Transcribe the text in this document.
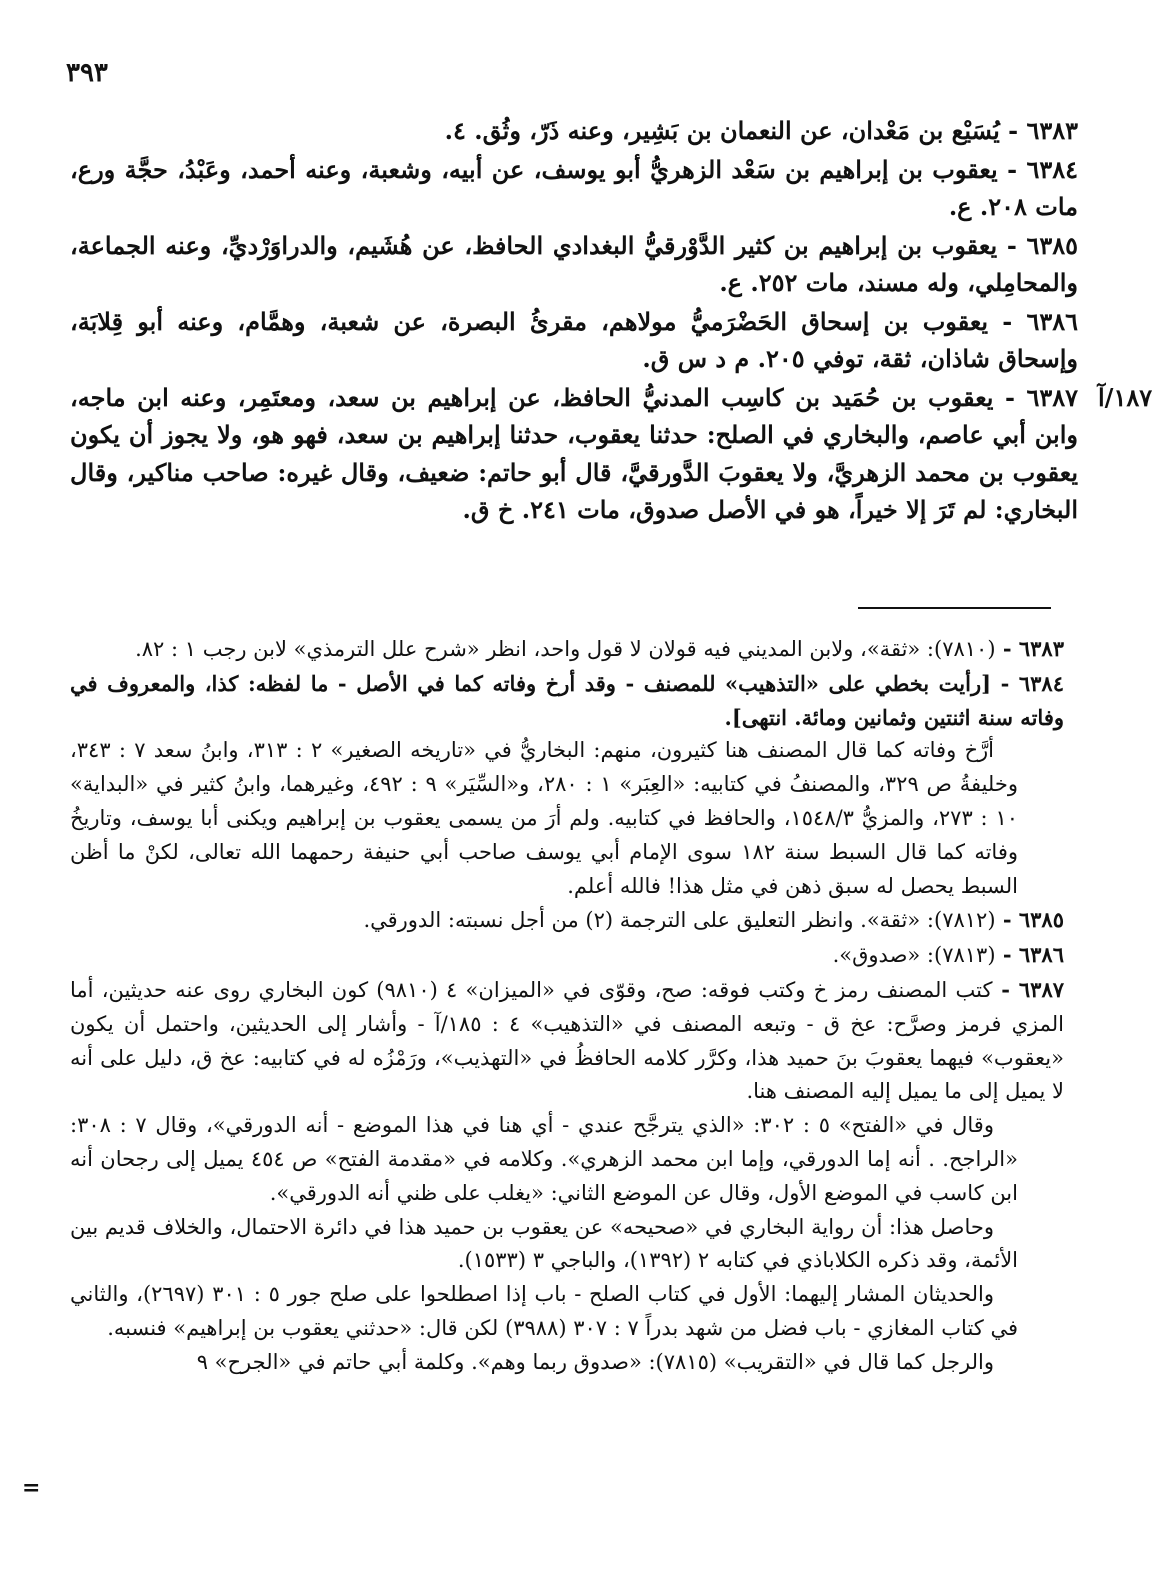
٣٩٣

٦٣٨٣ - يُسَيْع بن مَعْدان، عن النعمان بن بَشِير، وعنه ذَرّ، وثُق. ٤.

٦٣٨٤ - يعقوب بن إبراهيم بن سَعْد الزهريُّ أبو يوسف، عن أبيه، وشعبة، وعنه أحمد، وعَبْدُ، حجَّة ورع، مات ٢٠٨. ع.

٦٣٨٥ - يعقوب بن إبراهيم بن كثير الدَّوْرقيُّ البغدادي الحافظ، عن هُشَيم، والدراوَرْديِّ، وعنه الجماعة، والمحامِلي، وله مسند، مات ٢٥٢. ع.

٦٣٨٦ - يعقوب بن إسحاق الحَضْرَميُّ مولاهم، مقرئُ البصرة، عن شعبة، وهمَّام، وعنه أبو قِلابَة، وإسحاق شاذان، ثقة، توفي ٢٠٥. م د س ق.

٦٣٨٧ - يعقوب بن حُمَيد بن كاسِب المدنيُّ الحافظ، عن إبراهيم بن سعد، ومعتَمِر، وعنه ابن ماجه، وابن أبي عاصم، والبخاري في الصلح: حدثنا يعقوب، حدثنا إبراهيم بن سعد، فهو هو، ولا يجوز أن يكون يعقوب بن محمد الزهريَّ، ولا يعقوبَ الدَّورقيَّ، قال أبو حاتم: ضعيف، وقال غيره: صاحب مناكير، وقال البخاري: لم تَرَ إلا خيراً، هو في الأصل صدوق، مات ٢٤١. خ ق.
١٨٧/آ

٦٣٨٣ - (٧٨١٠): «ثقة»، ولابن المديني فيه قولان لا قول واحد، انظر «شرح علل الترمذي» لابن رجب ١ : ٨٢.

٦٣٨٤ - [رأيت بخطي على «التذهيب» للمصنف - وقد أرخ وفاته كما في الأصل - ما لفظه: كذا، والمعروف في وفاته سنة اثنتين وثمانين ومائة. انتهى].

أرَّخ وفاته كما قال المصنف هنا كثيرون، منهم: البخاريُّ في «تاريخه الصغير» ٢ : ٣١٣، وابنُ سعد ٧ : ٣٤٣، وخليفةُ ص ٣٢٩، والمصنفُ في كتابيه: «العِبَر» ١ : ٢٨٠، و«السِّيَر» ٩ : ٤٩٢، وغيرهما، وابنُ كثير في «البداية» ١٠ : ٢٧٣، والمزيُّ ١٥٤٨/٣، والحافظ في كتابيه. ولم أرَ من يسمى يعقوب بن إبراهيم ويكنى أبا يوسف، وتاريخُ وفاته كما قال السبط سنة ١٨٢ سوى الإمام أبي يوسف صاحب أبي حنيفة رحمهما الله تعالى، لكنْ ما أظن السبط يحصل له سبق ذهن في مثل هذا! فالله أعلم.

٦٣٨٥ - (٧٨١٢): «ثقة». وانظر التعليق على الترجمة (٢) من أجل نسبته: الدورقي.

٦٣٨٦ - (٧٨١٣): «صدوق».

٦٣٨٧ - كتب المصنف رمز خ وكتب فوقه: صح، وقوّى في «الميزان» ٤ (٩٨١٠) كون البخاري روى عنه حديثين، أما المزي فرمز وصرَّح: عخ ق - وتبعه المصنف في «التذهيب» ٤ : ١٨٥/آ - وأشار إلى الحديثين، واحتمل أن يكون «يعقوب» فيهما يعقوبَ بنَ حميد هذا، وكرَّر كلامه الحافظُ في «التهذيب»، ورَمْزُه له في كتابيه: عخ ق، دليل على أنه لا يميل إلى ما يميل إليه المصنف هنا.

وقال في «الفتح» ٥ : ٣٠٢: «الذي يترجَّح عندي - أي هنا في هذا الموضع - أنه الدورقي»، وقال ٧ : ٣٠٨: «الراجح. . أنه إما الدورقي، وإما ابن محمد الزهري». وكلامه في «مقدمة الفتح» ص ٤٥٤ يميل إلى رجحان أنه ابن كاسب في الموضع الأول، وقال عن الموضع الثاني: «يغلب على ظني أنه الدورقي».

وحاصل هذا: أن رواية البخاري في «صحيحه» عن يعقوب بن حميد هذا في دائرة الاحتمال، والخلاف قديم بين الأئمة، وقد ذكره الكلاباذي في كتابه ٢ (١٣٩٢)، والباجي ٣ (١٥٣٣).

والحديثان المشار إليهما: الأول في كتاب الصلح - باب إذا اصطلحوا على صلح جور ٥ : ٣٠١ (٢٦٩٧)، والثاني في كتاب المغازي - باب فضل من شهد بدراً ٧ : ٣٠٧ (٣٩٨٨) لكن قال: «حدثني يعقوب بن إبراهيم» فنسبه.

والرجل كما قال في «التقريب» (٧٨١٥): «صدوق ربما وهم». وكلمة أبي حاتم في «الجرح» ٩

=
